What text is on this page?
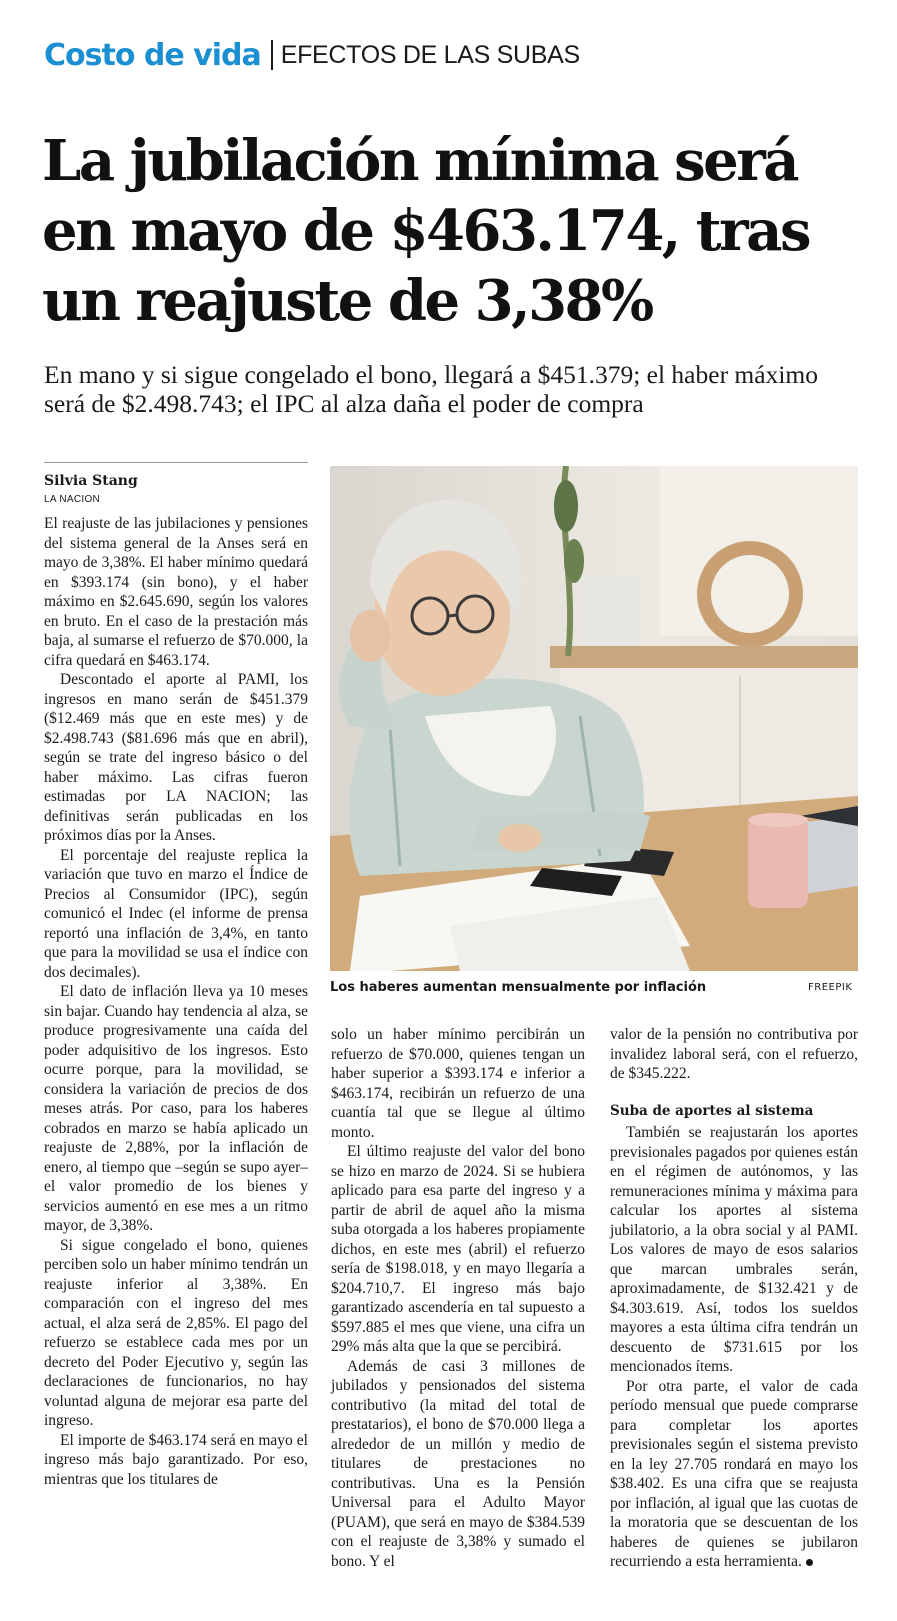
Costo de vida EFECTOS DE LAS SUBAS
La jubilación mínima será en mayo de $463.174, tras un reajuste de 3,38%

En mano y si sigue congelado el bono, llegará a $451.379; el haber máximo será de $2.498.743; el IPC al alza daña el poder de compra

Silvia Stang
LA NACION

El reajuste de las jubilaciones y pensiones del sistema general de la Anses será en mayo de 3,38%. El haber mínimo quedará en $393.174 (sin bono), y el haber máximo en $2.645.690, según los valores en bruto. En el caso de la prestación más baja, al sumarse el refuerzo de $70.000, la cifra quedará en $463.174.

Descontado el aporte al PAMI, los ingresos en mano serán de $451.379 ($12.469 más que en este mes) y de $2.498.743 ($81.696 más que en abril), según se trate del ingreso básico o del haber máximo. Las cifras fueron estimadas por LA NACION; las definitivas serán publicadas en los próximos días por la Anses.

El porcentaje del reajuste replica la variación que tuvo en marzo el Índice de Precios al Consumidor (IPC), según comunicó el Indec (el informe de prensa reportó una inflación de 3,4%, en tanto que para la movilidad se usa el índice con dos decimales).

El dato de inflación lleva ya 10 meses sin bajar. Cuando hay tendencia al alza, se produce progresivamente una caída del poder adquisitivo de los ingresos. Esto ocurre porque, para la movilidad, se considera la variación de precios de dos meses atrás. Por caso, para los haberes cobrados en marzo se había aplicado un reajuste de 2,88%, por la inflación de enero, al tiempo que –según se supo ayer– el valor promedio de los bienes y servicios aumentó en ese mes a un ritmo mayor, de 3,38%.

Si sigue congelado el bono, quienes perciben solo un haber mínimo tendrán un reajuste inferior al 3,38%. En comparación con el ingreso del mes actual, el alza será de 2,85%. El pago del refuerzo se establece cada mes por un decreto del Poder Ejecutivo y, según las declaraciones de funcionarios, no hay voluntad alguna de mejorar esa parte del ingreso.

El importe de $463.174 será en mayo el ingreso más bajo garantizado. Por eso, mientras que los titulares de

Los haberes aumentan mensualmente por inflación	FREEPIK

solo un haber mínimo percibirán un refuerzo de $70.000, quienes tengan un haber superior a $393.174 e inferior a $463.174, recibirán un refuerzo de una cuantía tal que se llegue al último monto.

El último reajuste del valor del bono se hizo en marzo de 2024. Si se hubiera aplicado para esa parte del ingreso y a partir de abril de aquel año la misma suba otorgada a los haberes propiamente dichos, en este mes (abril) el refuerzo sería de $198.018, y en mayo llegaría a $204.710,7. El ingreso más bajo garantizado ascendería en tal supuesto a $597.885 el mes que viene, una cifra un 29% más alta que la que se percibirá.

Además de casi 3 millones de jubilados y pensionados del sistema contributivo (la mitad del total de prestatarios), el bono de $70.000 llega a alrededor de un millón y medio de titulares de prestaciones no contributivas. Una es la Pensión Universal para el Adulto Mayor (PUAM), que será en mayo de $384.539 con el reajuste de 3,38% y sumado el bono. Y el

valor de la pensión no contributiva por invalidez laboral será, con el refuerzo, de $345.222.

Suba de aportes al sistema

También se reajustarán los aportes previsionales pagados por quienes están en el régimen de autónomos, y las remuneraciones mínima y máxima para calcular los aportes al sistema jubilatorio, a la obra social y al PAMI. Los valores de mayo de esos salarios que marcan umbrales serán, aproximadamente, de $132.421 y de $4.303.619. Así, todos los sueldos mayores a esta última cifra tendrán un descuento de $731.615 por los mencionados ítems.

Por otra parte, el valor de cada período mensual que puede comprarse para completar los aportes previsionales según el sistema previsto en la ley 27.705 rondará en mayo los $38.402. Es una cifra que se reajusta por inflación, al igual que las cuotas de la moratoria que se descuentan de los haberes de quienes se jubilaron recurriendo a esta herramienta.
